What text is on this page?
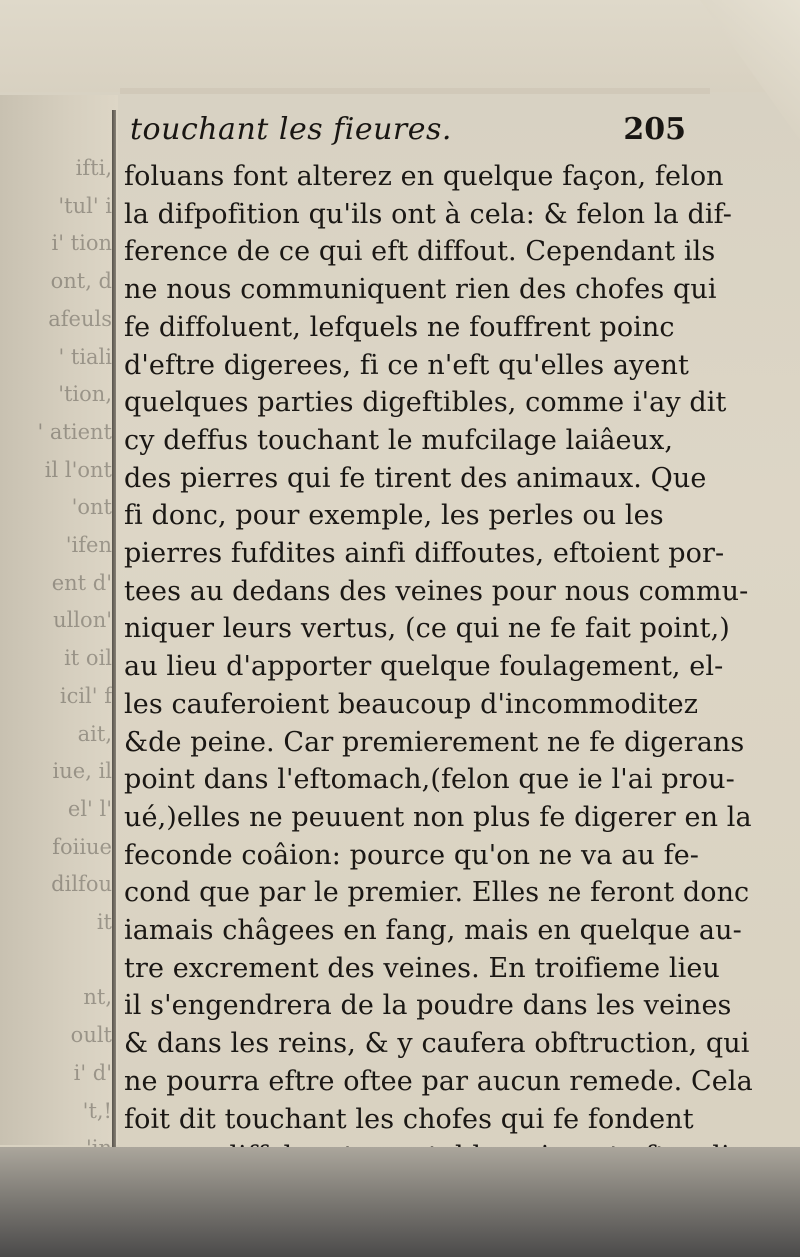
ifti,
'tul' i
i' tion
ont, d
afeuls
' tiali
'tion,
' atient
il l'ont
'ont
'ifen
ent d'
ullon'
it oil
icil' f
ait,
iue, il
el' l'
foiiue
dilfou
it

nt,
oult
i' d'
't,!
touchant les fieures.	205

foluans font alterez en quelque façon, felon
la difpofition qu'ils ont à cela: & felon la dif-
ference de ce qui eft diffout. Cependant ils
ne nous communiquent rien des chofes qui
fe diffoluent, lefquels ne fouffrent poinc
d'eftre digerees, fi ce n'eft qu'elles ayent
quelques parties digeftibles, comme i'ay dit
cy deffus touchant le mufcilage laiâeux,
des pierres qui fe tirent des animaux. Que
fi donc, pour exemple, les perles ou les
pierres fufdites ainfi diffoutes, eftoient por-
tees au dedans des veines pour nous commu-
niquer leurs vertus, (ce qui ne fe fait point,)
au lieu d'apporter quelque foulagement, el-
les cauferoient beaucoup d'incommoditez
&de peine. Car premierement ne fe digerans
point dans l'eftomach,(felon que ie l'ai prou-
ué,)elles ne peuuent non plus fe digerer en la
feconde coâion: pource qu'on ne va au fe-
cond que par le premier. Elles ne feront donc
iamais châgees en fang, mais en quelque au-
tre excrement des veines. En troifieme lieu
il s'engendrera de la poudre dans les veines
& dans les reins, & y caufera obftruction, qui
ne pourra eftre oftee par aucun remede. Cela
foit dit touchant les chofes qui fe fondent
